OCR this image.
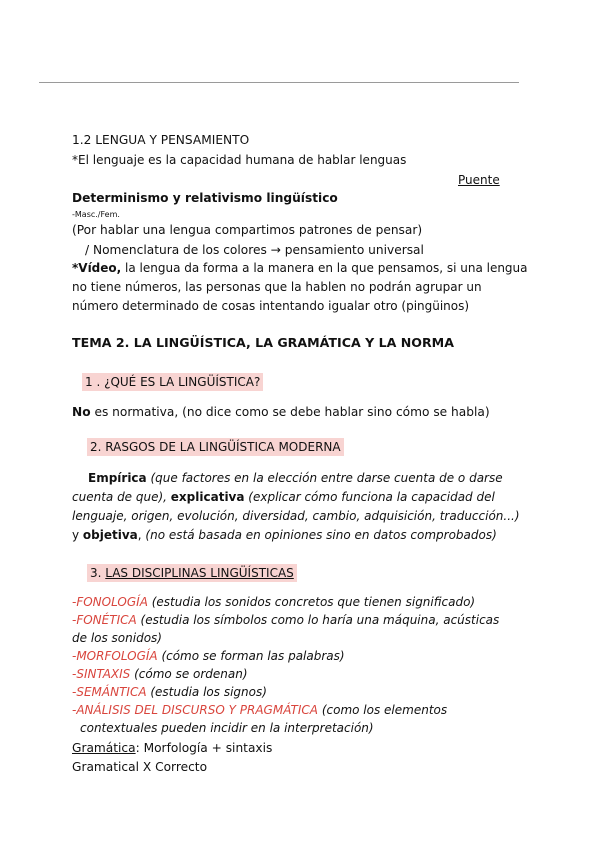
1.2 LENGUA Y PENSAMIENTO
*El lenguaje es la capacidad humana de hablar lenguas
Puente
Determinismo y relativismo lingüístico
-Masc./Fem.
(Por hablar una lengua compartimos patrones de pensar)
/ Nomenclatura de los colores → pensamiento universal
*Vídeo, la lengua da forma a la manera en la que pensamos, si una lengua
no tiene números, las personas que la hablen no podrán agrupar un
número determinado de cosas intentando igualar otro (pingüinos)
TEMA 2. LA LINGÜÍSTICA, LA GRAMÁTICA Y LA NORMA
1 . ¿QUÉ ES LA LINGÜÍSTICA?
No es normativa, (no dice como se debe hablar sino cómo se habla)
2. RASGOS DE LA LINGÜÍSTICA MODERNA
Empírica (que factores en la elección entre darse cuenta de o darse
cuenta de que), explicativa (explicar cómo funciona la capacidad del
lenguaje, origen, evolución, diversidad, cambio, adquisición, traducción...)
y objetiva, (no está basada en opiniones sino en datos comprobados)
3. LAS DISCIPLINAS LINGÜÍSTICAS
-FONOLOGÍA (estudia los sonidos concretos que tienen significado)
-FONÉTICA (estudia los símbolos como lo haría una máquina, acústicas
de los sonidos)
-MORFOLOGÍA (cómo se forman las palabras)
-SINTAXIS (cómo se ordenan)
-SEMÁNTICA (estudia los signos)
-ANÁLISIS DEL DISCURSO Y PRAGMÁTICA (como los elementos
contextuales pueden incidir en la interpretación)
Gramática: Morfología + sintaxis
Gramatical X Correcto
